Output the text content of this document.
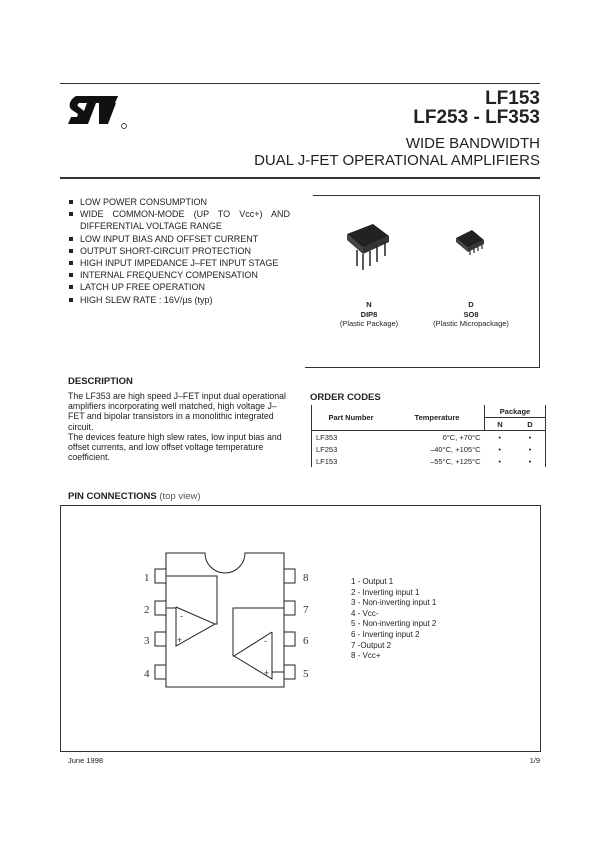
LF153
LF253 - LF353
WIDE BANDWIDTH
DUAL J-FET OPERATIONAL AMPLIFIERS
LOW POWER CONSUMPTION
WIDE COMMON-MODE (UP TO Vcc+) AND DIFFERENTIAL VOLTAGE RANGE
LOW INPUT BIAS AND OFFSET CURRENT
OUTPUT SHORT-CIRCUIT PROTECTION
HIGH INPUT IMPEDANCE J–FET INPUT STAGE
INTERNAL FREQUENCY COMPENSATION
LATCH UP FREE OPERATION
HIGH SLEW RATE : 16V/µs (typ)	N
DIP8
(Plastic Package)
D
SO8
(Plastic Micropackage)
DESCRIPTION
The LF353 are high speed J–FET input dual operational amplifiers incorporating well matched, high voltage J–FET and bipolar transistors in a monolithic integrated circuit.
The devices feature high slew rates, low input bias and offset currents, and low offset voltage temperature coefficient.
ORDER CODES
Part Number	Temperature	Package	
		N	D
LF353	0°C, +70°C	•	•
LF253	–40°C, +105°C	•	•
LF153	–55°C, +125°C	•	•
PIN CONNECTIONS (top view)
-
+	-
+
1
2
3
4	5
6
7
8	1 - Output 1
2 - Inverting input 1
3 - Non-inverting input 1
4 - Vcc-
5 - Non-inverting input 2
6 - Inverting input 2
7 -Output 2
8 - Vcc+
June 1998	1/9
